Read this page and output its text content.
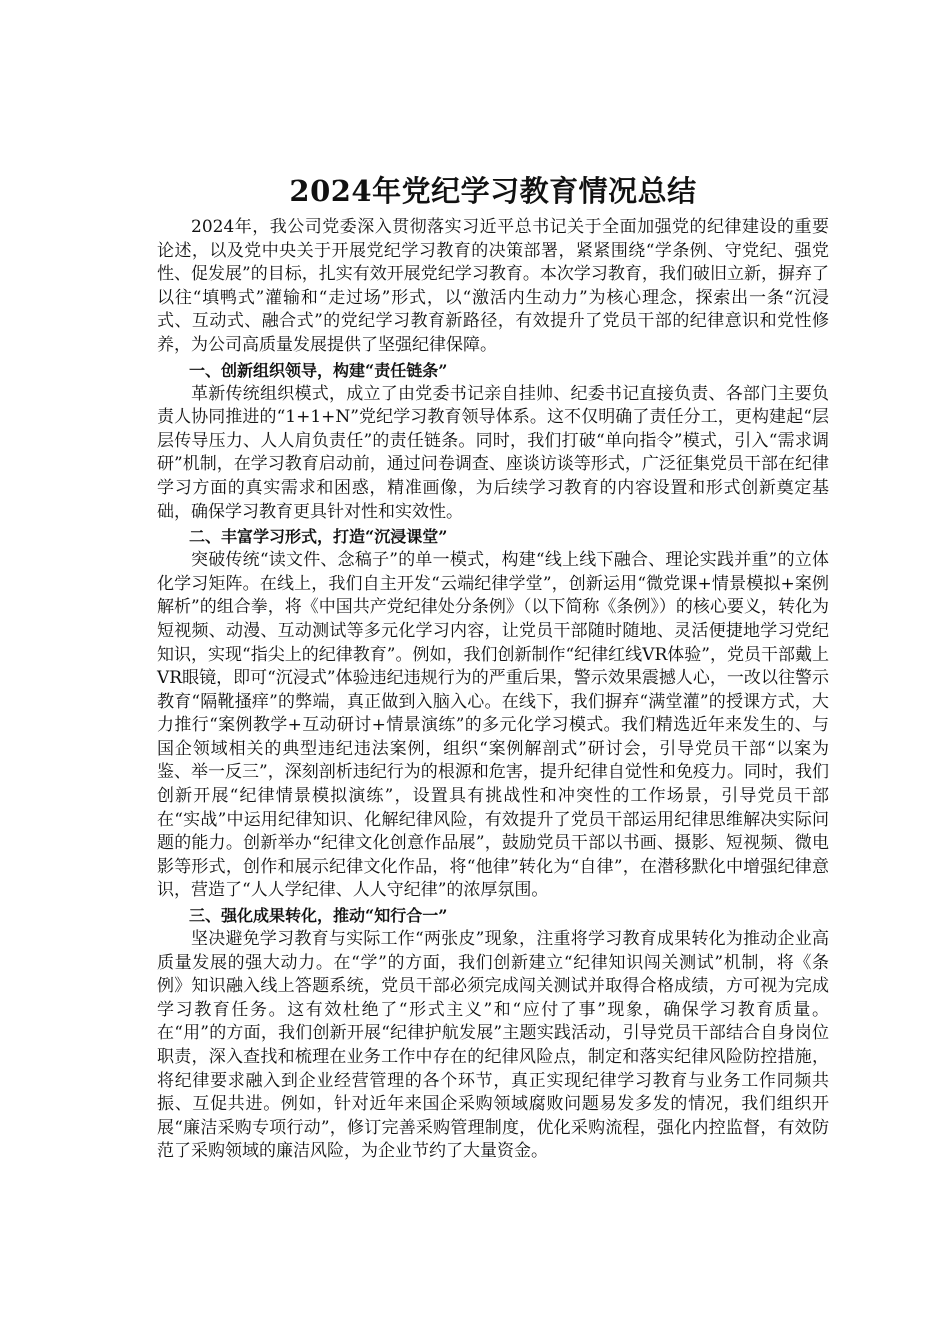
2024年党纪学习教育情况总结

2024年，我公司党委深入贯彻落实习近平总书记关于全面加强党的纪律建设的重要论述，以及党中央关于开展党纪学习教育的决策部署，紧紧围绕“学条例、守党纪、强党性、促发展”的目标，扎实有效开展党纪学习教育。本次学习教育，我们破旧立新，摒弃了以往“填鸭式”灌输和“走过场”形式，以“激活内生动力”为核心理念，探索出一条“沉浸式、互动式、融合式”的党纪学习教育新路径，有效提升了党员干部的纪律意识和党性修养，为公司高质量发展提供了坚强纪律保障。

一、创新组织领导，构建“责任链条”

革新传统组织模式，成立了由党委书记亲自挂帅、纪委书记直接负责、各部门主要负责人协同推进的“1+1+N”党纪学习教育领导体系。这不仅明确了责任分工，更构建起“层层传导压力、人人肩负责任”的责任链条。同时，我们打破“单向指令”模式，引入“需求调研”机制，在学习教育启动前，通过问卷调查、座谈访谈等形式，广泛征集党员干部在纪律学习方面的真实需求和困惑，精准画像，为后续学习教育的内容设置和形式创新奠定基础，确保学习教育更具针对性和实效性。

二、丰富学习形式，打造“沉浸课堂”

突破传统“读文件、念稿子”的单一模式，构建“线上线下融合、理论实践并重”的立体化学习矩阵。在线上，我们自主开发“云端纪律学堂”，创新运用“微党课+情景模拟+案例解析”的组合拳，将《中国共产党纪律处分条例》（以下简称《条例》）的核心要义，转化为短视频、动漫、互动测试等多元化学习内容，让党员干部随时随地、灵活便捷地学习党纪知识，实现“指尖上的纪律教育”。例如，我们创新制作“纪律红线VR体验”，党员干部戴上VR眼镜，即可“沉浸式”体验违纪违规行为的严重后果，警示效果震撼人心，一改以往警示教育“隔靴搔痒”的弊端，真正做到入脑入心。在线下，我们摒弃“满堂灌”的授课方式，大力推行“案例教学+互动研讨+情景演练”的多元化学习模式。我们精选近年来发生的、与国企领域相关的典型违纪违法案例，组织“案例解剖式”研讨会，引导党员干部“以案为鉴、举一反三”，深刻剖析违纪行为的根源和危害，提升纪律自觉性和免疫力。同时，我们创新开展“纪律情景模拟演练”，设置具有挑战性和冲突性的工作场景，引导党员干部在“实战”中运用纪律知识、化解纪律风险，有效提升了党员干部运用纪律思维解决实际问题的能力。创新举办“纪律文化创意作品展”，鼓励党员干部以书画、摄影、短视频、微电影等形式，创作和展示纪律文化作品，将“他律”转化为“自律”，在潜移默化中增强纪律意识，营造了“人人学纪律、人人守纪律”的浓厚氛围。

三、强化成果转化，推动“知行合一”

坚决避免学习教育与实际工作“两张皮”现象，注重将学习教育成果转化为推动企业高质量发展的强大动力。在“学”的方面，我们创新建立“纪律知识闯关测试”机制，将《条例》知识融入线上答题系统，党员干部必须完成闯关测试并取得合格成绩，方可视为完成学习教育任务。这有效杜绝了“形式主义”和“应付了事”现象，确保学习教育质量。在“用”的方面，我们创新开展“纪律护航发展”主题实践活动，引导党员干部结合自身岗位职责，深入查找和梳理在业务工作中存在的纪律风险点，制定和落实纪律风险防控措施，将纪律要求融入到企业经营管理的各个环节，真正实现纪律学习教育与业务工作同频共振、互促共进。例如，针对近年来国企采购领域腐败问题易发多发的情况，我们组织开展“廉洁采购专项行动”，修订完善采购管理制度，优化采购流程，强化内控监督，有效防范了采购领域的廉洁风险，为企业节约了大量资金。
